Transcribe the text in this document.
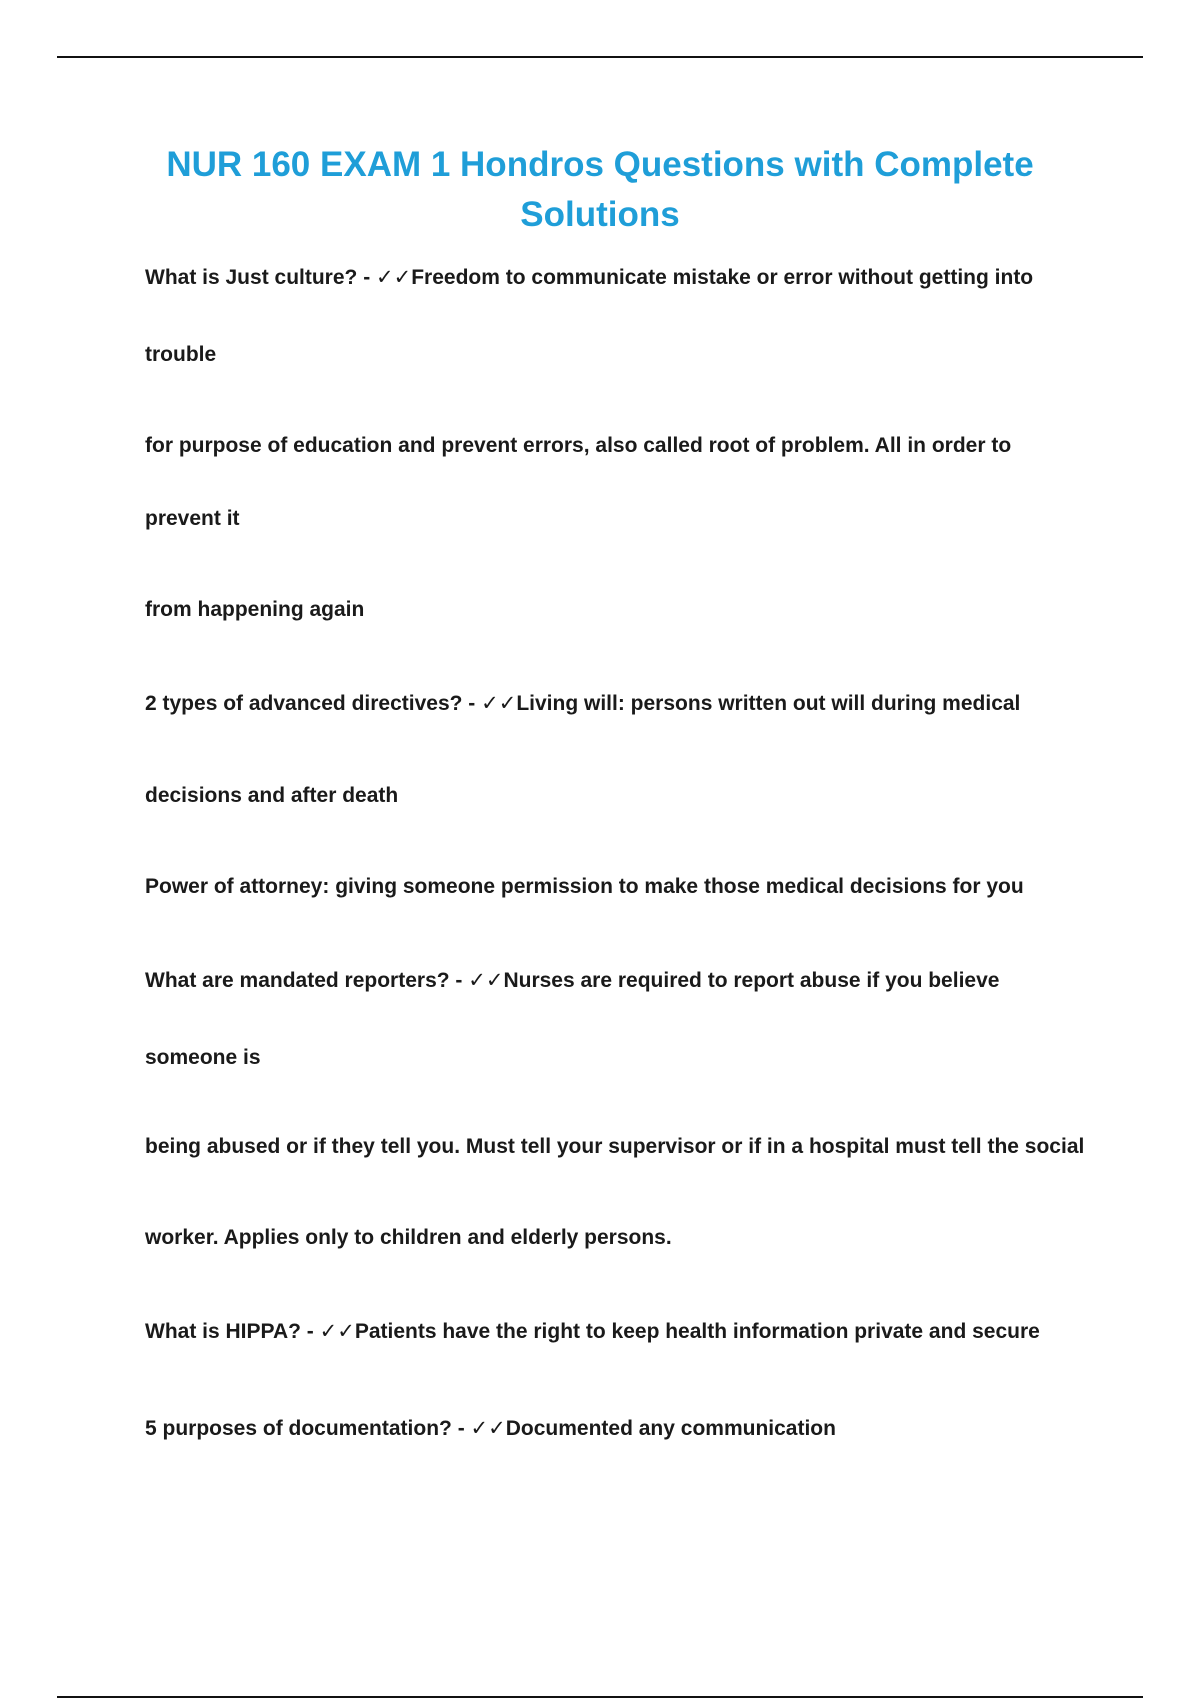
NUR 160 EXAM 1 Hondros Questions with Complete Solutions
What is Just culture? - ✓✓Freedom to communicate mistake or error without getting into
trouble
for purpose of education and prevent errors, also called root of problem. All in order to
prevent it
from happening again
2 types of advanced directives? - ✓✓Living will: persons written out will during medical
decisions and after death
Power of attorney: giving someone permission to make those medical decisions for you
What are mandated reporters? - ✓✓Nurses are required to report abuse if you believe
someone is
being abused or if they tell you. Must tell your supervisor or if in a hospital must tell the social
worker. Applies only to children and elderly persons.
What is HIPPA? - ✓✓Patients have the right to keep health information private and secure
5 purposes of documentation? - ✓✓Documented any communication
